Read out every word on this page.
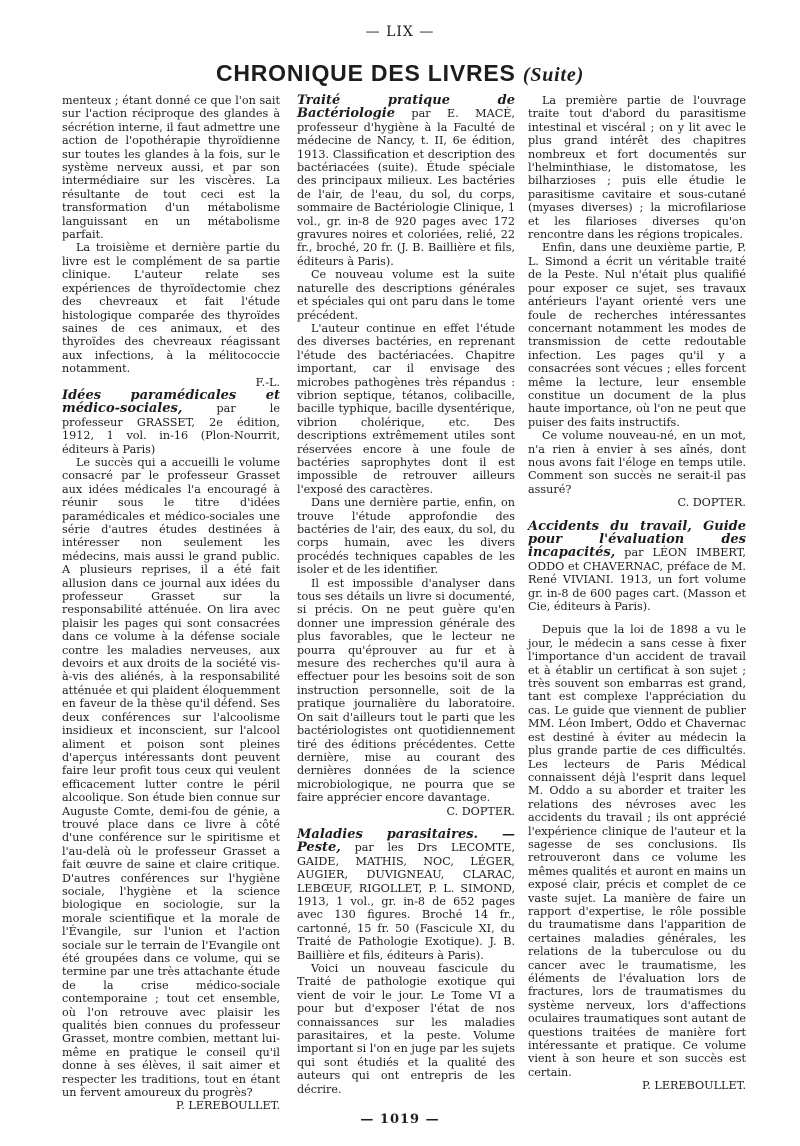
— LIX —
CHRONIQUE DES LIVRES (Suite)

menteux ; étant donné ce que l'on sait sur l'action réciproque des glandes à sécrétion interne, il faut admettre une action de l'opothérapie thyroïdienne sur toutes les glandes à la fois, sur le système nerveux aussi, et par son intermédiaire sur les viscères. La résultante de tout ceci est la transformation d'un métabolisme languissant en un métabolisme parfait.

La troisième et dernière partie du livre est le complément de sa partie clinique. L'auteur relate ses expériences de thyroïdectomie chez des chevreaux et fait l'étude histologique comparée des thyroïdes saines de ces animaux, et des thyroïdes des chevreaux réagissant aux infections, à la mélitococcie notamment.

F.-L.

Idées paramédicales et médico-sociales,	par le professeur GRASSET, 2e édition, 1912, 1 vol. in-16 (Plon-Nourrit, éditeurs à Paris)

Le succès qui a accueilli le volume consacré par le professeur Grasset aux idées médicales l'a encouragé à réunir sous le titre d'idées paramédicales et médico-sociales une série d'autres études destinées à intéresser non seulement les médecins, mais aussi le grand public. A plusieurs reprises, il a été fait allusion dans ce journal aux idées du professeur Grasset sur la responsabilité atténuée. On lira avec plaisir les pages qui sont consacrées dans ce volume à la défense sociale contre les maladies nerveuses, aux devoirs et aux droits de la société vis-à-vis des aliénés, à la responsabilité atténuée et qui plaident éloquemment en faveur de la thèse qu'il défend. Ses deux conférences sur l'alcoolisme insidieux et inconscient, sur l'alcool aliment et poison sont pleines d'aperçus intéressants dont peuvent faire leur profit tous ceux qui veulent efficacement lutter contre le péril alcoolique. Son étude bien connue sur Auguste Comte, demi-fou de génie, a trouvé place dans ce livre à côté d'une conférence sur le spiritisme et l'au-delà où le professeur Grasset a fait œuvre de saine et claire critique. D'autres conférences sur l'hygiène sociale, l'hygiène et la science biologique en sociologie, sur la morale scientifique et la morale de l'Évangile, sur l'union et l'action sociale sur le terrain de l'Evangile ont été groupées dans ce volume, qui se termine par une très attachante étude de la crise médico-sociale contemporaine ; tout cet ensemble, où l'on retrouve avec plaisir les qualités bien connues du professeur Grasset, montre combien, mettant lui-même en pratique le conseil qu'il donne à ses élèves, il sait aimer et respecter les traditions, tout en étant un fervent amoureux du progrès?

P. LEREBOULLET.

Traité pratique de Bactériologie par E. MACÉ, professeur d'hygiène à la Faculté de médecine de Nancy, t. II, 6e édition, 1913. Classification et description des bactériacées (suite). Étude spéciale des principaux milieux. Les bactéries de l'air, de l'eau, du sol, du corps, sommaire de Bactériologie Clinique, 1 vol., gr. in-8 de 920 pages avec 172 gravures noires et coloriées, relié, 22 fr., broché, 20 fr. (J. B. Baillière et fils, éditeurs à Paris).

Ce nouveau volume est la suite naturelle des descriptions générales et spéciales qui ont paru dans le tome précédent.

L'auteur continue en effet l'étude des diverses bactéries, en reprenant l'étude des bactériacées. Chapitre important, car il envisage des microbes pathogènes très répandus : vibrion septique, tétanos, colibacille, bacille typhique, bacille dysentérique, vibrion cholérique, etc. Des descriptions extrêmement utiles sont réservées encore à une foule de bactéries saprophytes dont il est impossible de retrouver ailleurs l'exposé des caractères.

Dans une dernière partie, enfin, on trouve l'étude approfondie des bactéries de l'air, des eaux, du sol, du corps humain, avec les divers procédés techniques capables de les isoler et de les identifier.

Il est impossible d'analyser dans tous ses détails un livre si documenté, si précis. On ne peut guère qu'en donner une impression générale des plus favorables, que le lecteur ne pourra qu'éprouver au fur et à mesure des recherches qu'il aura à effectuer pour les besoins soit de son instruction personnelle, soit de la pratique journalière du laboratoire. On sait d'ailleurs tout le parti que les bactériologistes ont quotidiennement tiré des éditions précédentes. Cette dernière, mise au courant des dernières données de la science microbiologique, ne pourra que se faire apprécier encore davantage.

C. DOPTER.

Maladies parasitaires. — Peste, par les Drs LECOMTE, GAIDE, MATHIS, NOC, LÉGER, AUGIER, DUVIGNEAU, CLARAC, LEBŒUF, RIGOLLET, P. L. SIMOND, 1913, 1 vol., gr. in-8 de 652 pages avec 130 figures. Broché 14 fr., cartonné, 15 fr. 50 (Fascicule XI, du Traité de Pathologie Exotique). J. B. Baillière et fils, éditeurs à Paris).

Voici un nouveau fascicule du Traité de pathologie exotique qui vient de voir le jour. Le Tome VI a pour but d'exposer l'état de nos connaissances sur les maladies parasitaires, et la peste. Volume important si l'on en juge par les sujets qui sont étudiés et la qualité des auteurs qui ont entrepris de les décrire.

La première partie de l'ouvrage traite tout d'abord du parasitisme intestinal et viscéral ; on y lit avec le plus grand intérêt des chapitres nombreux et fort documentés sur l'helminthiase, le distomatose, les bilharzioses ; puis elle étudie le parasitisme cavitaire et sous-cutané (myases diverses) ; la microfilariose et les filarioses diverses qu'on rencontre dans les régions tropicales.

Enfin, dans une deuxième partie, P. L. Simond a écrit un véritable traité de la Peste. Nul n'était plus qualifié pour exposer ce sujet, ses travaux antérieurs l'ayant orienté vers une foule de recherches intéressantes concernant notamment les modes de transmission de cette redoutable infection. Les pages qu'il y a consacrées sont vécues ; elles forcent même la lecture, leur ensemble constitue un document de la plus haute importance, où l'on ne peut que puiser des faits instructifs.

Ce volume nouveau-né, en un mot, n'a rien à envier à ses aînés, dont nous avons fait l'éloge en temps utile. Comment son succès ne serait-il pas assuré?

C. DOPTER.

Accidents du travail, Guide pour l'évaluation des incapacités, par LÉON IMBERT, ODDO et CHAVERNAC, préface de M. René VIVIANI. 1913, un fort volume gr. in-8 de 600 pages cart. (Masson et Cie, éditeurs à Paris).

Depuis que la loi de 1898 a vu le jour, le médecin a sans cesse à fixer l'importance d'un accident de travail et à établir un certificat à son sujet ; très souvent son embarras est grand, tant est complexe l'appréciation du cas. Le guide que viennent de publier MM. Léon Imbert, Oddo et Chavernac est destiné à éviter au médecin la plus grande partie de ces difficultés. Les lecteurs de Paris Médical connaissent déjà l'esprit dans lequel M. Oddo a su aborder et traiter les relations des névroses avec les accidents du travail ; ils ont apprécié l'expérience clinique de l'auteur et la sagesse de ses conclusions. Ils retrouveront dans ce volume les mêmes qualités et auront en mains un exposé clair, précis et complet de ce vaste sujet. La manière de faire un rapport d'expertise, le rôle possible du traumatisme dans l'apparition de certaines maladies générales, les relations de la tuberculose ou du cancer avec le traumatisme, les éléments de l'évaluation lors de fractures, lors de traumatismes du système nerveux, lors d'affections oculaires traumatiques sont autant de questions traitées de manière fort intéressante et pratique. Ce volume vient à son heure et son succès est certain.

P. LEREBOULLET.

— 1019 —
